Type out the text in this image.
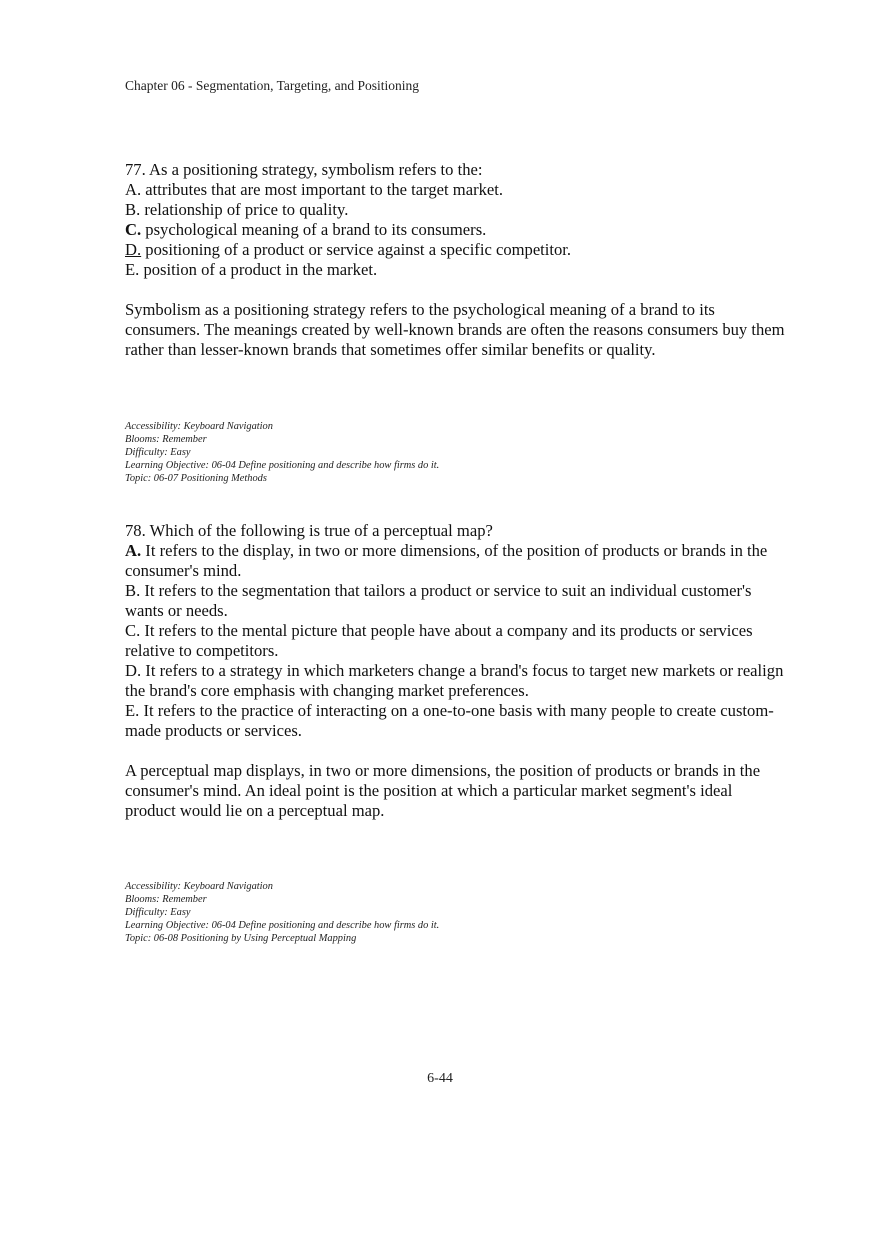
Chapter 06 - Segmentation, Targeting, and Positioning

77. As a positioning strategy, symbolism refers to the:

A. attributes that are most important to the target market.

B. relationship of price to quality.

C. psychological meaning of a brand to its consumers.

D. positioning of a product or service against a specific competitor.

E. position of a product in the market.

Symbolism as a positioning strategy refers to the psychological meaning of a brand to its consumers. The meanings created by well-known brands are often the reasons consumers buy them rather than lesser-known brands that sometimes offer similar benefits or quality.

Accessibility: Keyboard Navigation
Blooms: Remember
Difficulty: Easy
Learning Objective: 06-04 Define positioning and describe how firms do it.
Topic: 06-07 Positioning Methods

78. Which of the following is true of a perceptual map?

A. It refers to the display, in two or more dimensions, of the position of products or brands in the consumer's mind.

B. It refers to the segmentation that tailors a product or service to suit an individual customer's wants or needs.

C. It refers to the mental picture that people have about a company and its products or services relative to competitors.

D. It refers to a strategy in which marketers change a brand's focus to target new markets or realign the brand's core emphasis with changing market preferences.

E. It refers to the practice of interacting on a one-to-one basis with many people to create custom-made products or services.

A perceptual map displays, in two or more dimensions, the position of products or brands in the consumer's mind. An ideal point is the position at which a particular market segment's ideal product would lie on a perceptual map.

Accessibility: Keyboard Navigation
Blooms: Remember
Difficulty: Easy
Learning Objective: 06-04 Define positioning and describe how firms do it.
Topic: 06-08 Positioning by Using Perceptual Mapping
6-44
